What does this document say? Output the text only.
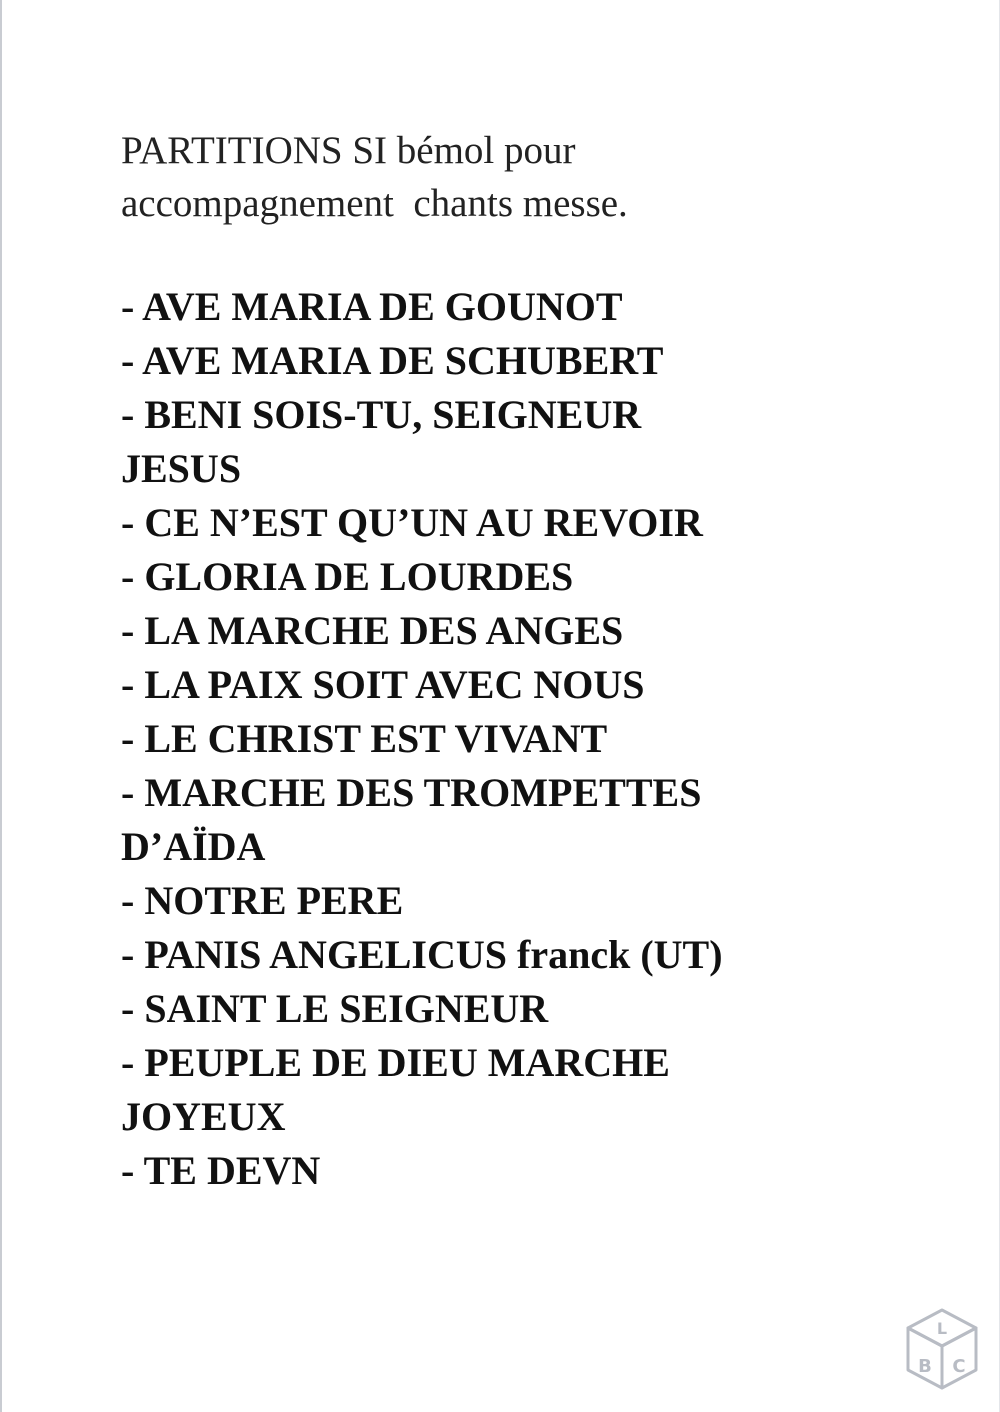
PARTITIONS SI bémol pour
accompagnement  chants messe.

- AVE MARIA DE GOUNOT
- AVE MARIA DE SCHUBERT
- BENI SOIS-TU, SEIGNEUR JESUS
- CE N’EST QU’UN AU REVOIR
- GLORIA DE LOURDES
- LA MARCHE DES ANGES
- LA PAIX SOIT AVEC NOUS
- LE CHRIST EST VIVANT
- MARCHE DES TROMPETTES D’AÏDA
- NOTRE PERE
- PANIS ANGELICUS franck (UT)
- SAINT LE SEIGNEUR
- PEUPLE DE DIEU MARCHE JOYEUX
- TE DEVN
L
B C
